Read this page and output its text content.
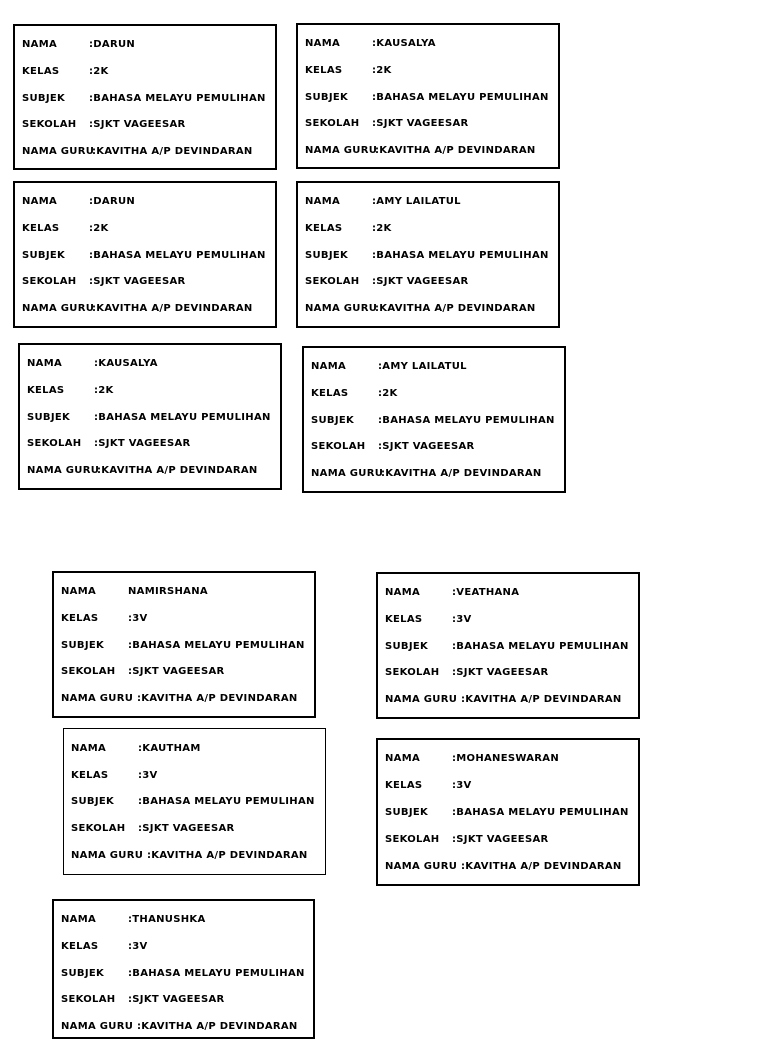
NAMA	:DARUN
KELAS	:2K
SUBJEK :BAHASA MELAYU PEMULIHAN
SEKOLAH :SJKT VAGEESAR
NAMA GURU:KAVITHA A/P DEVINDARAN
NAMA	:KAUSALYA
KELAS	:2K
SUBJEK :BAHASA MELAYU PEMULIHAN
SEKOLAH :SJKT VAGEESAR
NAMA GURU:KAVITHA A/P DEVINDARAN
NAMA	:DARUN
KELAS	:2K
SUBJEK :BAHASA MELAYU PEMULIHAN
SEKOLAH :SJKT VAGEESAR
NAMA GURU:KAVITHA A/P DEVINDARAN
NAMA	:AMY LAILATUL
KELAS	:2K
SUBJEK :BAHASA MELAYU PEMULIHAN
SEKOLAH :SJKT VAGEESAR
NAMA GURU:KAVITHA A/P DEVINDARAN
NAMA	:KAUSALYA
KELAS	:2K
SUBJEK :BAHASA MELAYU PEMULIHAN
SEKOLAH :SJKT VAGEESAR
NAMA GURU:KAVITHA A/P DEVINDARAN
NAMA	:AMY LAILATUL
KELAS	:2K
SUBJEK :BAHASA MELAYU PEMULIHAN
SEKOLAH :SJKT VAGEESAR
NAMA GURU:KAVITHA A/P DEVINDARAN
NAMA	NAMIRSHANA
KELAS	:3V
SUBJEK :BAHASA MELAYU PEMULIHAN
SEKOLAH :SJKT VAGEESAR
NAMA GURU :KAVITHA A/P DEVINDARAN
NAMA	:VEATHANA
KELAS	:3V
SUBJEK :BAHASA MELAYU PEMULIHAN
SEKOLAH :SJKT VAGEESAR
NAMA GURU :KAVITHA A/P DEVINDARAN
NAMA	:KAUTHAM
KELAS	:3V
SUBJEK :BAHASA MELAYU PEMULIHAN
SEKOLAH :SJKT VAGEESAR
NAMA GURU :KAVITHA A/P DEVINDARAN
NAMA	:MOHANESWARAN
KELAS	:3V
SUBJEK :BAHASA MELAYU PEMULIHAN
SEKOLAH :SJKT VAGEESAR
NAMA GURU :KAVITHA A/P DEVINDARAN
NAMA	:THANUSHKA
KELAS	:3V
SUBJEK :BAHASA MELAYU PEMULIHAN
SEKOLAH :SJKT VAGEESAR
NAMA GURU :KAVITHA A/P DEVINDARAN
